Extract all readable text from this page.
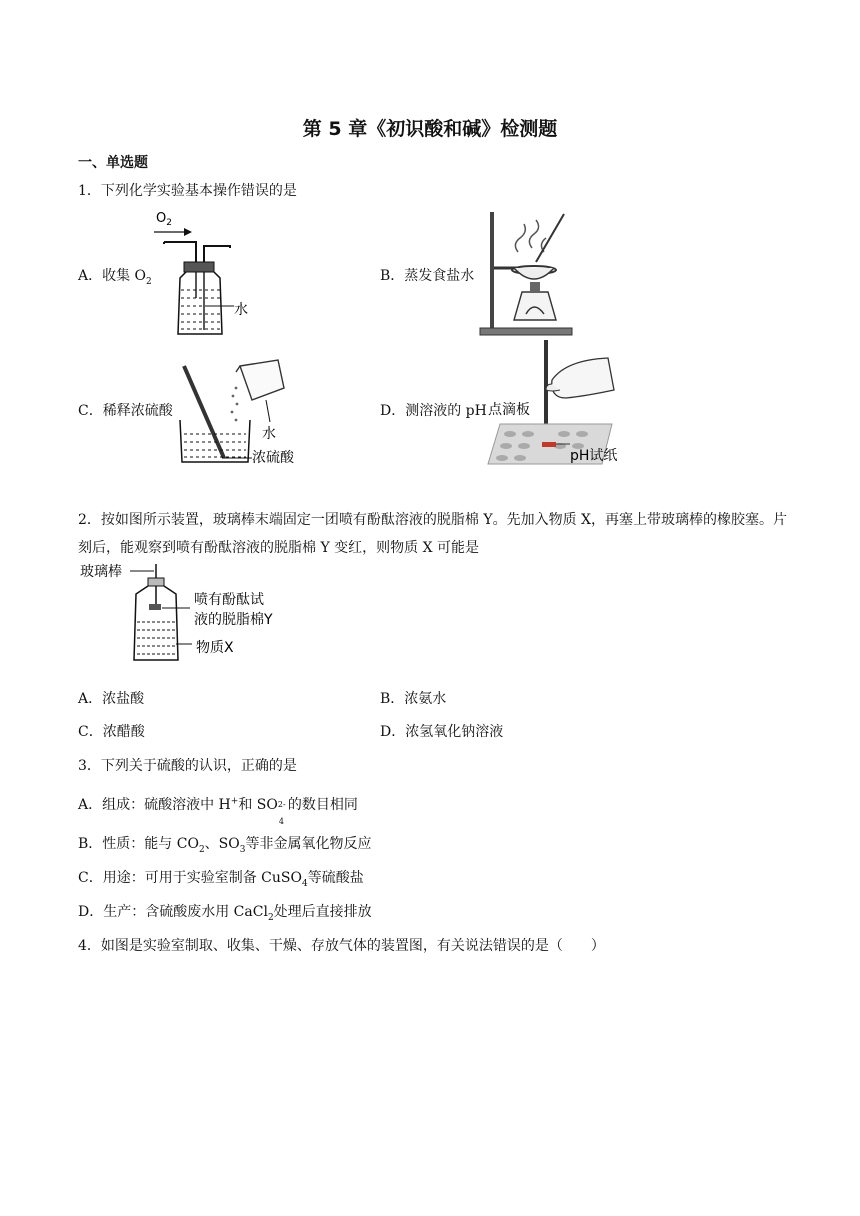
第 5 章《初识酸和碱》检测题
一、单选题
1．下列化学实验基本操作错误的是
A．收集 $O_2$
$O_2$
水
B．蒸发食盐水
C．稀释浓硫酸
水
浓硫酸
D．测溶液的 pH 点滴板
pH试纸
2．按如图所示装置，玻璃棒末端固定一团喷有酚酞溶液的脱脂棉 Y。先加入物质 X，再塞上带玻璃棒的橡胶塞。片刻后，能观察到喷有酚酞溶液的脱脂棉 Y 变红，则物质 X 可能是
玻璃棒
喷有酚酞试
液的脱脂棉Y
物质X
A．浓盐酸	B．浓氨水
C．浓醋酸	D．浓氢氧化钠溶液
3．下列关于硫酸的认识，正确的是
A．组成：硫酸溶液中 H+和 SO 2-
4
的数目相同
B．性质：能与 $CO_2$、$SO_3$等非金属氧化物反应
C．用途：可用于实验室制备 CuSO$_4$等硫酸盐
D．生产：含硫酸废水用 CaCl$_2$处理后直接排放
4．如图是实验室制取、收集、干燥、存放气体的装置图，有关说法错误的是（　　）
